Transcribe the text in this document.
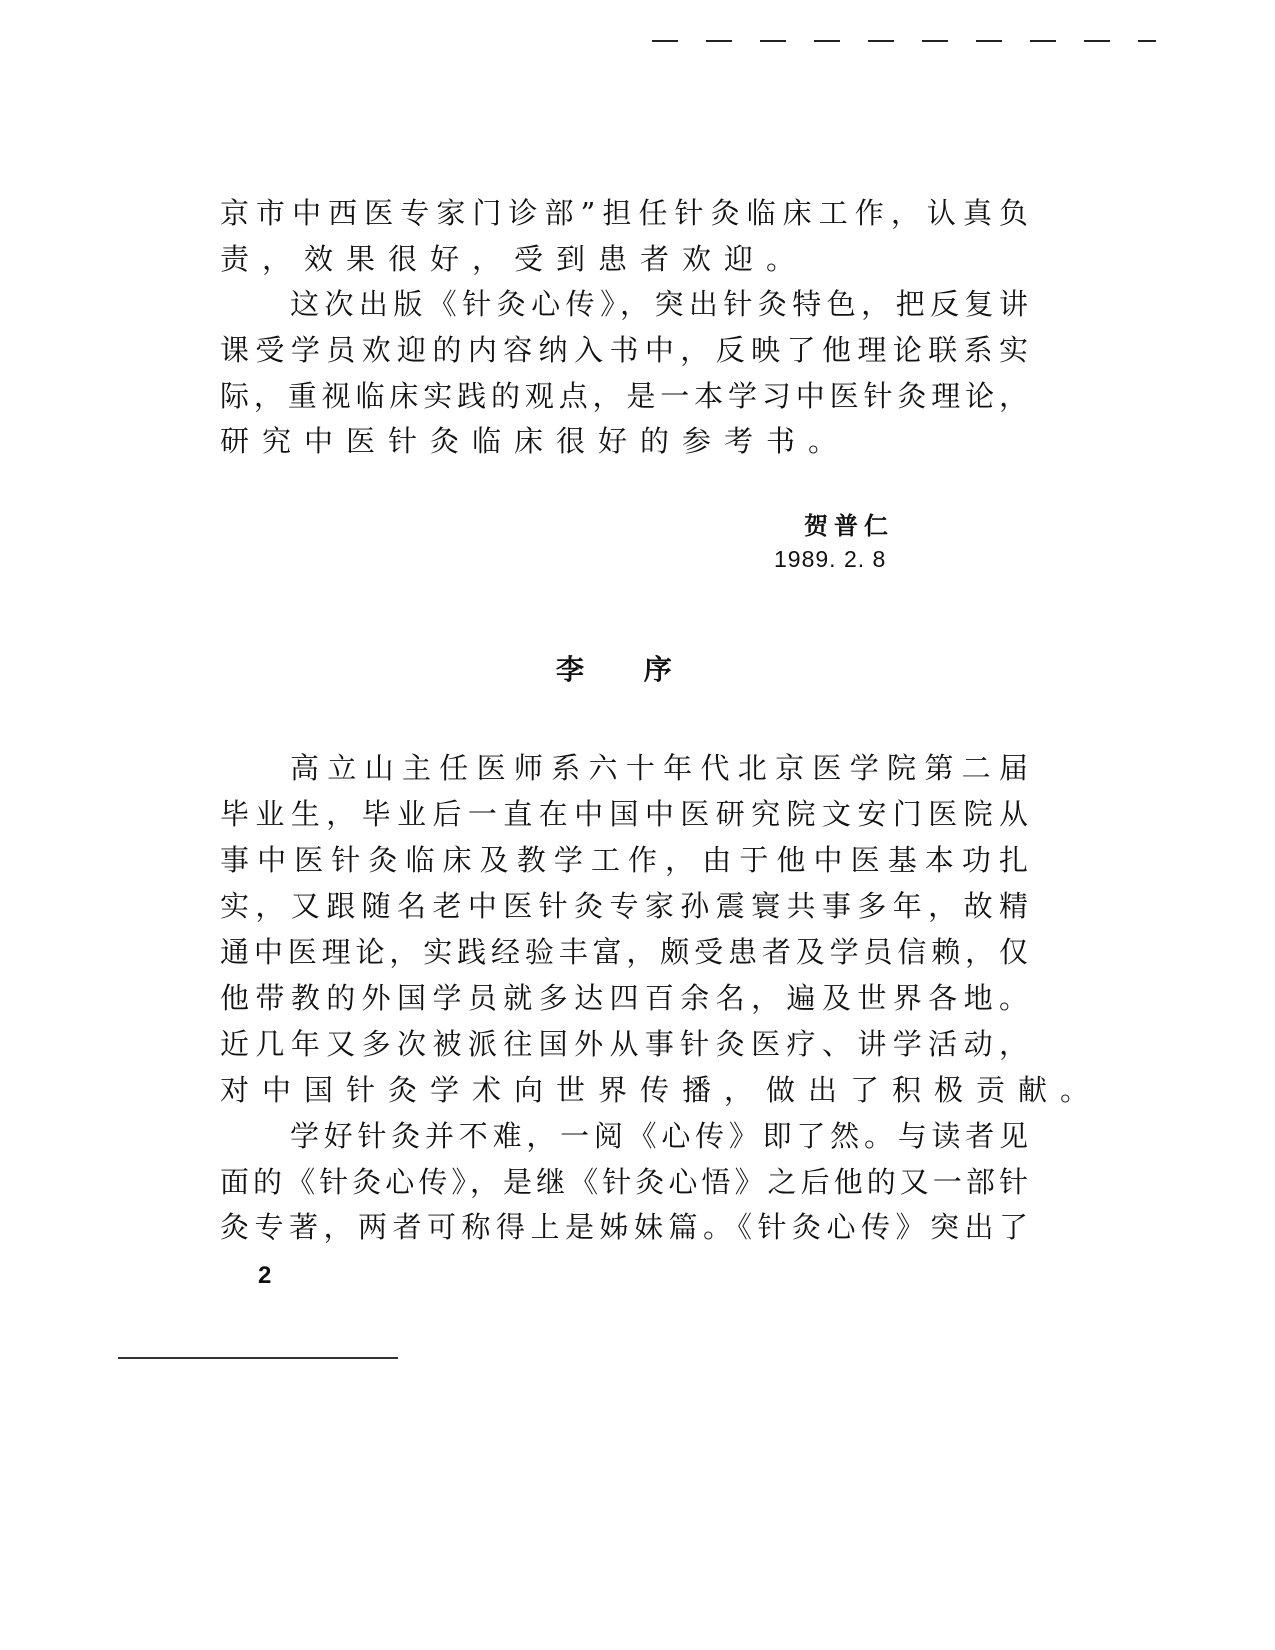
京市中西医专家门诊部”担任针灸临床工作，认真负
责，效果很好，受到患者欢迎。
这次出版《针灸心传》，突出针灸特色，把反复讲
课受学员欢迎的内容纳入书中，反映了他理论联系实
际，重视临床实践的观点，是一本学习中医针灸理论，
研究中医针灸临床很好的参考书。
贺普仁
1989. 2. 8
李 序
高立山主任医师系六十年代北京医学院第二届
毕业生，毕业后一直在中国中医研究院文安门医院从
事中医针灸临床及教学工作，由于他中医基本功扎
实，又跟随名老中医针灸专家孙震寰共事多年，故精
通中医理论，实践经验丰富，颇受患者及学员信赖，仅
他带教的外国学员就多达四百余名，遍及世界各地。
近几年又多次被派往国外从事针灸医疗、讲学活动，
对中国针灸学术向世界传播，做出了积极贡献。
学好针灸并不难，一阅《心传》即了然。与读者见
面的《针灸心传》，是继《针灸心悟》之后他的又一部针
灸专著，两者可称得上是姊妹篇。《针灸心传》突出了
2
